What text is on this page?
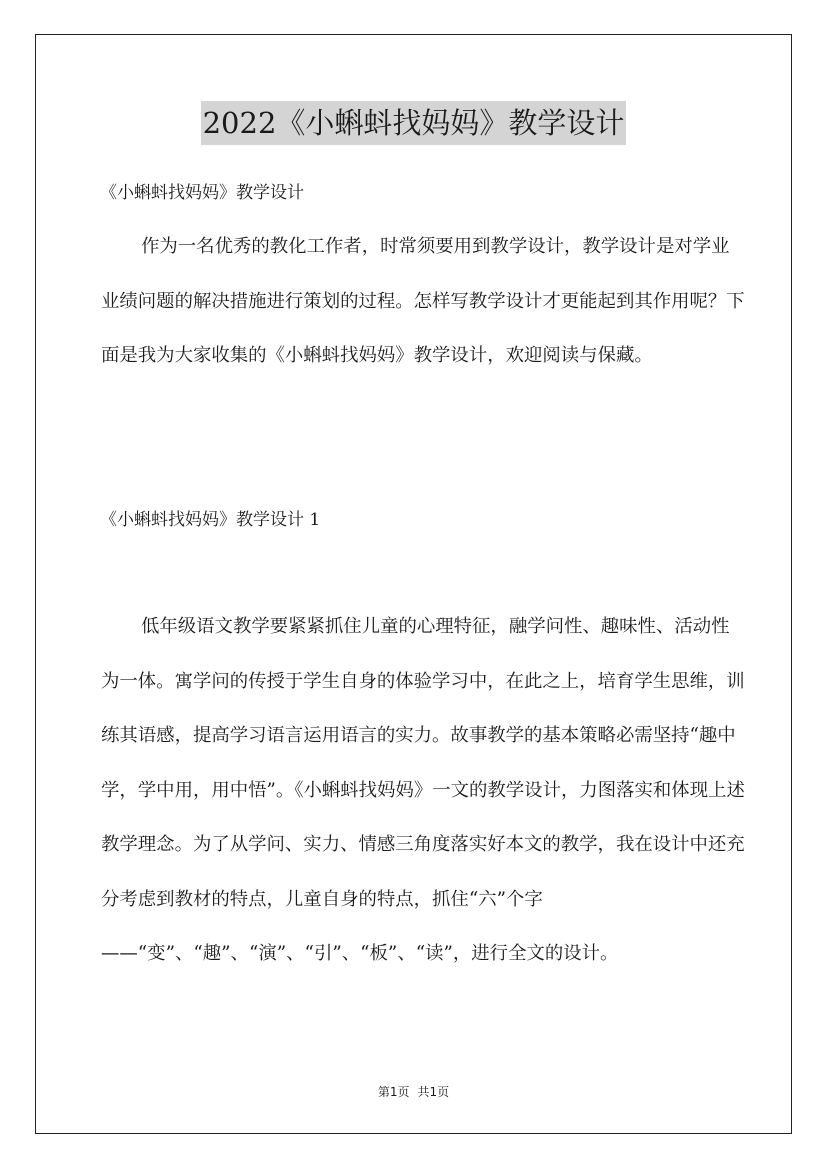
2022《小蝌蚪找妈妈》教学设计
《小蝌蚪找妈妈》教学设计

作为一名优秀的教化工作者，时常须要用到教学设计，教学设计是对学业业绩问题的解决措施进行策划的过程。怎样写教学设计才更能起到其作用呢？下面是我为大家收集的《小蝌蚪找妈妈》教学设计，欢迎阅读与保藏。

《小蝌蚪找妈妈》教学设计 1

低年级语文教学要紧紧抓住儿童的心理特征，融学问性、趣味性、活动性为一体。寓学问的传授于学生自身的体验学习中，在此之上，培育学生思维，训练其语感，提高学习语言运用语言的实力。故事教学的基本策略必需坚持“趣中学，学中用，用中悟”。《小蝌蚪找妈妈》一文的教学设计，力图落实和体现上述教学理念。为了从学问、实力、情感三角度落实好本文的教学，我在设计中还充分考虑到教材的特点，儿童自身的特点，抓住“六”个字——“变”、“趣”、“演”、“引”、“板”、“读”，进行全文的设计。

第1页 共1页
